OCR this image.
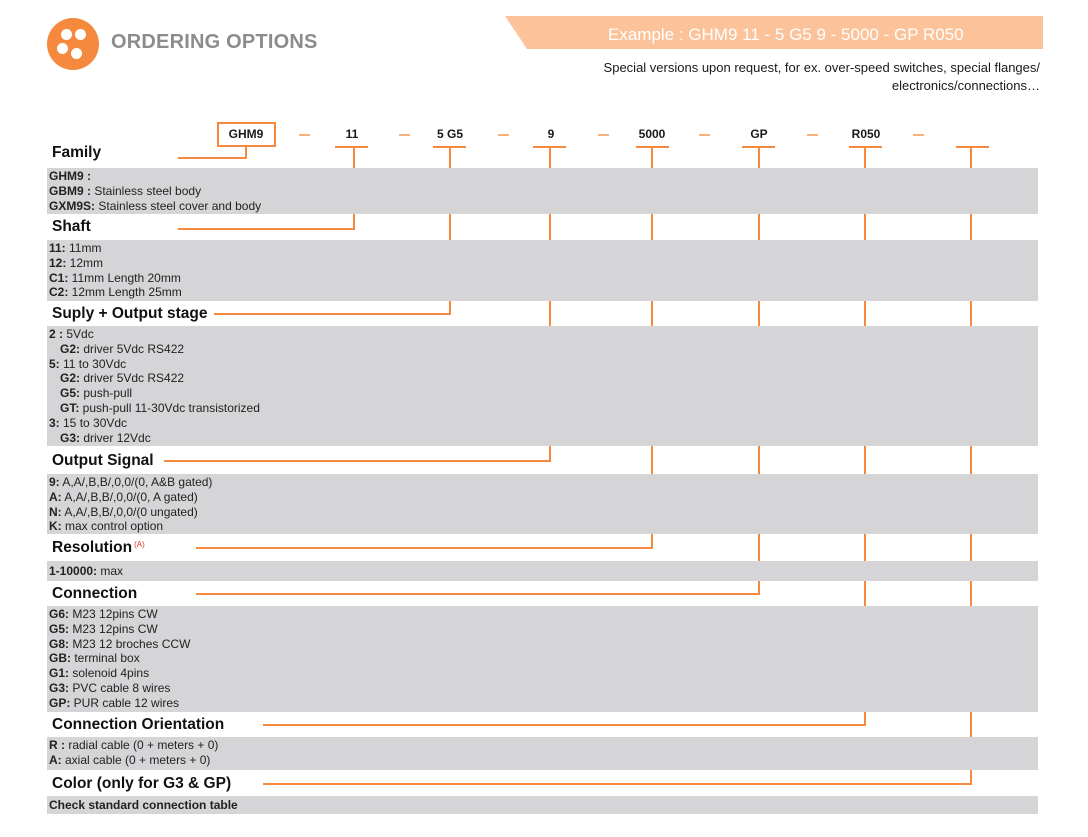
ORDERING OPTIONS	Example : GHM9 11 - 5 G5 9 - 5000 - GP R050
Special versions upon request, for ex. over-speed switches, special flanges/
electronics/connections…
GHM9	11	5 G5	9	5000	GP	R050
Family
GHM9 :
GBM9 : Stainless steel body
GXM9S: Stainless steel cover and body
Shaft
11: 11mm
12: 12mm
C1: 11mm Length 20mm
C2: 12mm Length 25mm
Suply + Output stage
2 : 5Vdc
G2: driver 5Vdc RS422
5: 11 to 30Vdc
G2: driver 5Vdc RS422
G5: push-pull
GT: push-pull 11-30Vdc transistorized
3: 15 to 30Vdc
G3: driver 12Vdc
Output Signal
9: A,A/,B,B/,0,0/(0, A&B gated)
A: A,A/,B,B/,0,0/(0, A gated)
N: A,A/,B,B/,0,0/(0 ungated)
K: max control option
Resolution $^{(A)}$
1-10000: max
Connection
G6: M23 12pins CW
G5: M23 12pins CW
G8: M23 12 broches CCW
GB: terminal box
G1: solenoid 4pins
G3: PVC cable 8 wires
GP: PUR cable 12 wires
Connection Orientation
R : radial cable (0 + meters + 0)
A: axial cable (0 + meters + 0)
Color (only for G3 & GP)
Check standard connection table
